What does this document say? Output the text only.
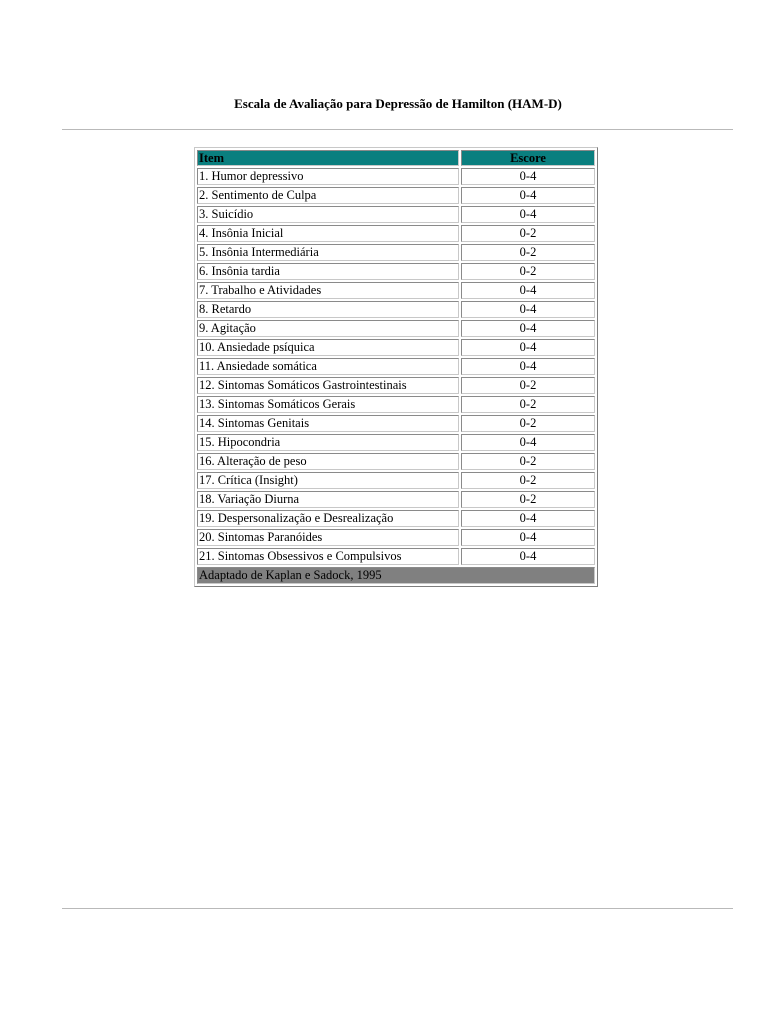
Escala de Avaliação para Depressão de Hamilton (HAM-D)
Item	Escore
1. Humor depressivo	0-4
2. Sentimento de Culpa	0-4
3. Suicídio	0-4
4. Insônia Inicial	0-2
5. Insônia Intermediária	0-2
6. Insônia tardia	0-2
7. Trabalho e Atividades	0-4
8. Retardo	0-4
9. Agitação	0-4
10. Ansiedade psíquica	0-4
11. Ansiedade somática	0-4
12. Sintomas Somáticos Gastrointestinais	0-2
13. Sintomas Somáticos Gerais	0-2
14. Sintomas Genitais	0-2
15. Hipocondria	0-4
16. Alteração de peso	0-2
17. Crítica (Insight)	0-2
18. Variação Diurna	0-2
19. Despersonalização e Desrealização	0-4
20. Sintomas Paranóides	0-4
21. Sintomas Obsessivos e Compulsivos	0-4
Adaptado de Kaplan e Sadock, 1995	
